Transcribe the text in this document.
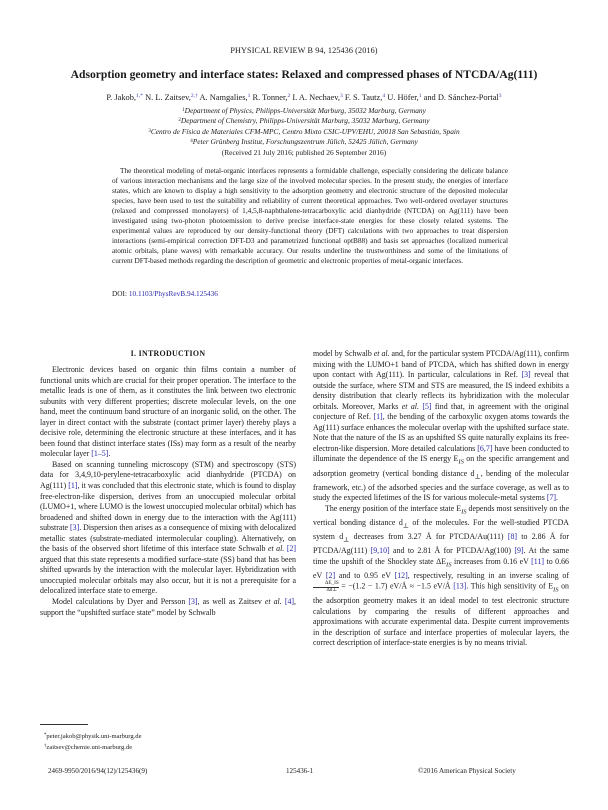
PHYSICAL REVIEW B 94, 125436 (2016)
Adsorption geometry and interface states: Relaxed and compressed phases of NTCDA/Ag(111)
P. Jakob,$^{1,*}$ N. L. Zaitsev,$^{2,\dagger}$ A. Namgalies,$^1$ R. Tonner,$^2$ I. A. Nechaev,$^3$ F. S. Tautz,$^4$ U. Höfer,$^1$ and D. Sánchez-Portal$^3$
$^1$Department of Physics, Philipps-Universität Marburg, 35032 Marburg, Germany
$^2$Department of Chemistry, Philipps-Universität Marburg, 35032 Marburg, Germany
$^3$Centro de Física de Materiales CFM-MPC, Centro Mixto CSIC-UPV/EHU, 20018 San Sebastián, Spain
$^4$Peter Grünberg Institut, Forschungszentrum Jülich, 52425 Jülich, Germany
(Received 21 July 2016; published 26 September 2016)

The theoretical modeling of metal-organic interfaces represents a formidable challenge, especially considering the delicate balance of various interaction mechanisms and the large size of the involved molecular species. In the present study, the energies of interface states, which are known to display a high sensitivity to the adsorption geometry and electronic structure of the deposited molecular species, have been used to test the suitability and reliability of current theoretical approaches. Two well-ordered overlayer structures (relaxed and compressed monolayers) of 1,4,5,8-naphthalene-tetracarboxylic acid dianhydride (NTCDA) on Ag(111) have been investigated using two-photon photoemission to derive precise interface-state energies for these closely related systems. The experimental values are reproduced by our density-functional theory (DFT) calculations with two approaches to treat dispersion interactions (semi-empirical correction DFT-D3 and parametrized functional optB88) and basis set approaches (localized numerical atomic orbitals, plane waves) with remarkable accuracy. Our results underline the trustworthiness and some of the limitations of current DFT-based methods regarding the description of geometric and electronic properties of metal-organic interfaces.

DOI: 10.1103/PhysRevB.94.125436
I. INTRODUCTION

Electronic devices based on organic thin films contain a number of functional units which are crucial for their proper operation. The interface to the metallic leads is one of them, as it constitutes the link between two electronic subunits with very different properties; discrete molecular levels, on the one hand, meet the continuum band structure of an inorganic solid, on the other. The layer in direct contact with the substrate (contact primer layer) thereby plays a decisive role, determining the electronic structure at these interfaces, and it has been found that distinct interface states (ISs) may form as a result of the nearby molecular layer [1–5].

Based on scanning tunneling microscopy (STM) and spectroscopy (STS) data for 3,4,9,10-perylene-tetracarboxylic acid dianhydride (PTCDA) on Ag(111) [1], it was concluded that this electronic state, which is found to display free-electron-like dispersion, derives from an unoccupied molecular orbital (LUMO+1, where LUMO is the lowest unoccupied molecular orbital) which has broadened and shifted down in energy due to the interaction with the Ag(111) substrate [3]. Dispersion then arises as a consequence of mixing with delocalized metallic states (substrate-mediated intermolecular coupling). Alternatively, on the basis of the observed short lifetime of this interface state Schwalb et al. [2] argued that this state represents a modified surface-state (SS) band that has been shifted upwards by the interaction with the molecular layer. Hybridization with unoccupied molecular orbitals may also occur, but it is not a prerequisite for a delocalized interface state to emerge.

Model calculations by Dyer and Persson [3], as well as Zaitsev et al. [4], support the “upshifted surface state” model by Schwalb

*peter.jakob@physik.uni-marburg.de
†zaitsev@chemie.uni-marburg.de

model by Schwalb et al. and, for the particular system PTCDA/Ag(111), confirm mixing with the LUMO+1 band of PTCDA, which has shifted down in energy upon contact with Ag(111). In particular, calculations in Ref. [3] reveal that outside the surface, where STM and STS are measured, the IS indeed exhibits a density distribution that clearly reflects its hybridization with the molecular orbitals. Moreover, Marks et al. [5] find that, in agreement with the original conjecture of Ref. [1], the bending of the carboxylic oxygen atoms towards the Ag(111) surface enhances the molecular overlap with the upshifted surface state. Note that the nature of the IS as an upshifted SS quite naturally explains its free-electron-like dispersion. More detailed calculations [6,7] have been conducted to illuminate the dependence of the IS energy $E_{IS}$ on the specific arrangement and adsorption geometry (vertical bonding distance $d_\perp$, bending of the molecular framework, etc.) of the adsorbed species and the surface coverage, as well as to study the expected lifetimes of the IS for various molecule-metal systems [7].

The energy position of the interface state $E_{IS}$ depends most sensitively on the vertical bonding distance $d_\perp$ of the molecules. For the well-studied PTCDA system $d_\perp$ decreases from 3.27 Å for PTCDA/Au(111) [8] to 2.86 Å for PTCDA/Ag(111) [9,10] and to 2.81 Å for PTCDA/Ag(100) [9]. At the same time the upshift of the Shockley state $\Delta E_{IS}$ increases from 0.16 eV [11] to 0.66 eV [2] and to 0.95 eV [12], respectively, resulting in an inverse scaling of
$\frac{\Delta E\_IS}{\Delta d\perp} = -(1.2 - 1.7)$ eV/Å ≈ −1.5 eV/Å [13]. This high sensitivity of $E_{IS}$ on the adsorption geometry makes it an ideal model to test electronic structure calculations by comparing the results of different approaches and approximations with accurate experimental data. Despite current improvements in the description of surface and interface properties of molecular layers, the correct description of interface-state energies is by no means trivial.

2469-9950/2016/94(12)/125436(9)	125436-1	©2016 American Physical Society
